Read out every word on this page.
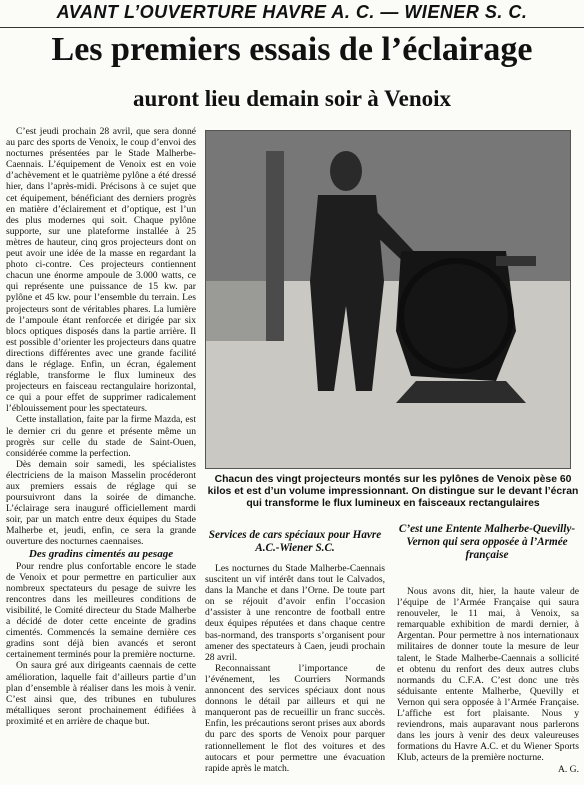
AVANT L’OUVERTURE HAVRE A. C. — WIENER S. C.
Les premiers essais de l’éclairage
auront lieu demain soir à Venoix

C’est jeudi prochain 28 avril, que sera donné au parc des sports de Venoix, le coup d’envoi des nocturnes présentées par le Stade Malherbe-Caennais. L’équipement de Venoix est en voie d’achèvement et le quatrième pylône a été dressé hier, dans l’après-midi. Précisons à ce sujet que cet équipement, bénéficiant des derniers progrès en matière d’éclairement et d’optique, est l’un des plus modernes qui soit. Chaque pylône supporte, sur une plateforme installée à 25 mètres de hauteur, cinq gros projecteurs dont on peut avoir une idée de la masse en regardant la photo ci-contre. Ces projecteurs contiennent chacun une énorme ampoule de 3.000 watts, ce qui représente une puissance de 15 kw. par pylône et 45 kw. pour l’ensemble du terrain. Les projecteurs sont de véritables phares. La lumière de l’ampoule étant renforcée et dirigée par six blocs optiques disposés dans la partie arrière. Il est possible d’orienter les projecteurs dans quatre directions différentes avec une grande facilité dans le réglage. Enfin, un écran, également réglable, transforme le flux lumineux des projecteurs en faisceau rectangulaire horizontal, ce qui a pour effet de supprimer radicalement l’éblouissement pour les spectateurs.

Cette installation, faite par la firme Mazda, est le dernier cri du genre et présente même un progrès sur celle du stade de Saint-Ouen, considérée comme la perfection.

Dès demain soir samedi, les spécialistes électriciens de la maison Masselin procéderont aux premiers essais de réglage qui se poursuivront dans la soirée de dimanche. L’éclairage sera inauguré officiellement mardi soir, par un match entre deux équipes du Stade Malherbe et, jeudi, enfin, ce sera la grande ouverture des nocturnes caennaises.

Des gradins cimentés au pesage

Pour rendre plus confortable encore le stade de Venoix et pour permettre en particulier aux nombreux spectateurs du pesage de suivre les rencontres dans les meilleures conditions de visibilité, le Comité directeur du Stade Malherbe a décidé de doter cette enceinte de gradins cimentés. Commencés la semaine dernière ces gradins sont déjà bien avancés et seront certainement terminés pour la première nocturne.

On saura gré aux dirigeants caennais de cette amélioration, laquelle fait d’ailleurs partie d’un plan d’ensemble à réaliser dans les mois à venir. C’est ainsi que, des tribunes en tubulures métalliques seront prochainement édifiées à proximité et en arrière de chaque but.

Chacun des vingt projecteurs montés sur les pylônes de Venoix pèse 60 kilos et est d’un volume impressionnant. On distingue sur le devant l’écran qui transforme le flux lumineux en faisceaux rectangulaires
Services de cars spéciaux pour Havre A.C.-Wiener S.C.

Les nocturnes du Stade Malherbe-Caennais suscitent un vif intérêt dans tout le Calvados, dans la Manche et dans l’Orne. De toute part on se réjouit d’avoir enfin l’occasion d’assister à une rencontre de football entre deux équipes réputées et dans chaque centre bas-normand, des transports s’organisent pour amener des spectateurs à Caen, jeudi prochain 28 avril.

Reconnaissant l’importance de l’événement, les Courriers Normands annoncent des services spéciaux dont nous donnons le détail par ailleurs et qui ne manqueront pas de recueillir un franc succès. Enfin, les précautions seront prises aux abords du parc des sports de Venoix pour parquer rationnellement le flot des voitures et des autocars et pour permettre une évacuation rapide après le match.

C’est une Entente Malherbe-Quevilly-Vernon qui sera opposée à l’Armée française

Nous avons dit, hier, la haute valeur de l’équipe de l’Armée Française qui saura renouveler, le 11 mai, à Venoix, sa remarquable exhibition de mardi dernier, à Argentan. Pour permettre à nos internationaux militaires de donner toute la mesure de leur talent, le Stade Malherbe-Caennais a sollicité et obtenu du renfort des deux autres clubs normands du C.F.A. C’est donc une très séduisante entente Malherbe, Quevilly et Vernon qui sera opposée à l’Armée Française. L’affiche est fort plaisante. Nous y reviendrons, mais auparavant nous parlerons dans les jours à venir des deux valeureuses formations du Havre A.C. et du Wiener Sports Klub, acteurs de la première nocturne.

A. G.
